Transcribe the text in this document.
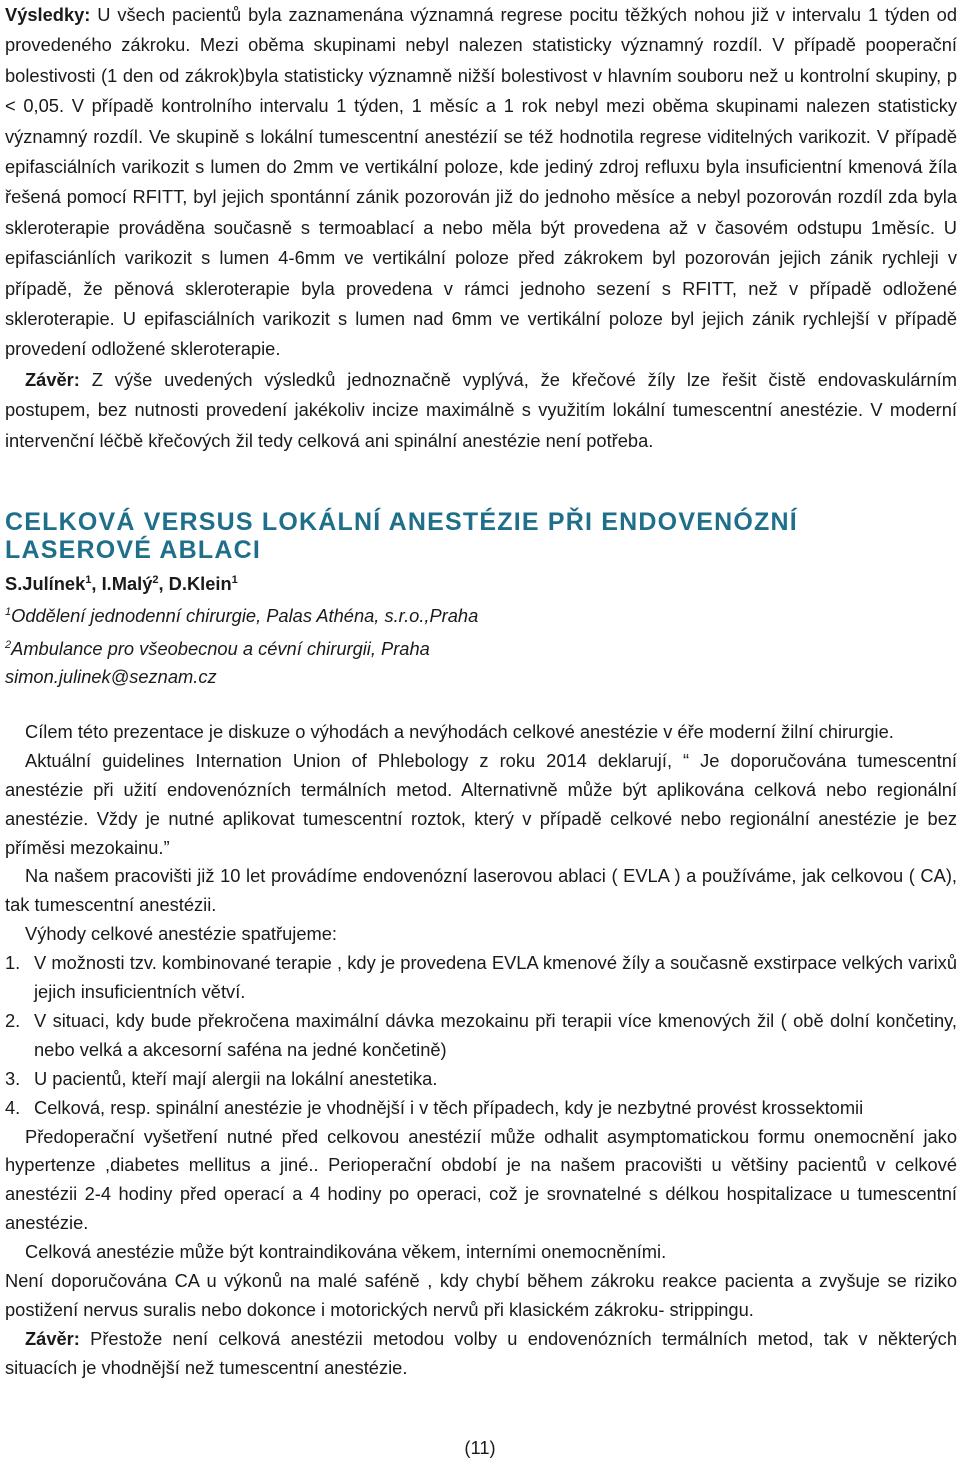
Výsledky: U všech pacientů byla zaznamenána významná regrese pocitu těžkých nohou již v intervalu 1 týden od provedeného zákroku. Mezi oběma skupinami nebyl nalezen statisticky významný rozdíl. V případě pooperační bolestivosti (1 den od zákrok)byla statisticky významně nižší bolestivost v hlavním souboru než u kontrolní skupiny, p < 0,05. V případě kontrolního intervalu 1 týden, 1 měsíc a 1 rok nebyl mezi oběma skupinami nalezen statisticky významný rozdíl. Ve skupině s lokální tumescentní anestézií se též hodnotila regrese viditelných varikozit. V případě epifasciálních varikozit s lumen do 2mm ve vertikální poloze, kde jediný zdroj refluxu byla insuficientní kmenová žíla řešená pomocí RFITT, byl jejich spontánní zánik pozorován již do jednoho měsíce a nebyl pozorován rozdíl zda byla skleroterapie prováděna současně s termoablací a nebo měla být provedena až v časovém odstupu 1měsíc. U epifasciánlích varikozit s lumen 4-6mm ve vertikální poloze před zákrokem byl pozorován jejich zánik rychleji v případě, že pěnová skleroterapie byla provedena v rámci jednoho sezení s RFITT, než v případě odložené skleroterapie. U epifasciálních varikozit s lumen nad 6mm ve vertikální poloze byl jejich zánik rychlejší v případě provedení odložené skleroterapie.

Závěr: Z výše uvedených výsledků jednoznačně vyplývá, že křečové žíly lze řešit čistě endovaskulárním postupem, bez nutnosti provedení jakékoliv incize maximálně s využitím lokální tumescentní anestézie. V moderní intervenční léčbě křečových žil tedy celková ani spinální anestézie není potřeba.

CELKOVÁ VERSUS LOKÁLNÍ ANESTÉZIE PŘI ENDOVENÓZNÍ
LASEROVÉ ABLACI
S.Julínek$^1$, I.Malý$^2$, D.Klein$^1$
$^1$Oddělení jednodenní chirurgie, Palas Athéna, s.r.o.,Praha
$^2$Ambulance pro všeobecnou a cévní chirurgii, Praha
simon.julinek@seznam.cz

Cílem této prezentace je diskuze o výhodách a nevýhodách celkové anestézie v éře moderní žilní chirurgie.

Aktuální guidelines Internation Union of Phlebology z roku 2014 deklarují, “ Je doporučována tumescentní anestézie při užití endovenózních termálních metod. Alternativně může být aplikována celková nebo regionální anestézie. Vždy je nutné aplikovat tumescentní roztok, který v případě celkové nebo regionální anestézie je bez příměsi mezokainu.”

Na našem pracovišti již 10 let provádíme endovenózní laserovou ablaci ( EVLA ) a používáme, jak celkovou ( CA), tak tumescentní anestézii.

Výhody celkové anestézie spatřujeme:

1. V možnosti tzv. kombinované terapie , kdy je provedena EVLA kmenové žíly a současně exstirpace velkých varixů jejich insuficientních větví.
2. V situaci, kdy bude překročena maximální dávka mezokainu při terapii více kmenových žil ( obě dolní končetiny, nebo velká a akcesorní saféna na jedné končetině)
3. U pacientů, kteří mají alergii na lokální anestetika.
4. Celková, resp. spinální anestézie je vhodnější i v těch případech, kdy je nezbytné provést krossektomii

Předoperační vyšetření nutné před celkovou anestézií může odhalit asymptomatickou formu onemocnění jako hypertenze ,diabetes mellitus a jiné.. Perioperační období je na našem pracovišti u většiny pacientů v celkové anestézii 2-4 hodiny před operací a 4 hodiny po operaci, což je srovnatelné s délkou hospitalizace u tumescentní anestézie.

Celková anestézie může být kontraindikována věkem, interními onemocněními.

Není doporučována CA u výkonů na malé saféně , kdy chybí během zákroku reakce pacienta a zvyšuje se riziko postižení nervus suralis nebo dokonce i motorických nervů při klasickém zákroku- strippingu.

Závěr: Přestože není celková anestézii metodou volby u endovenózních termálních metod, tak v některých situacích je vhodnější než tumescentní anestézie.

(11)
